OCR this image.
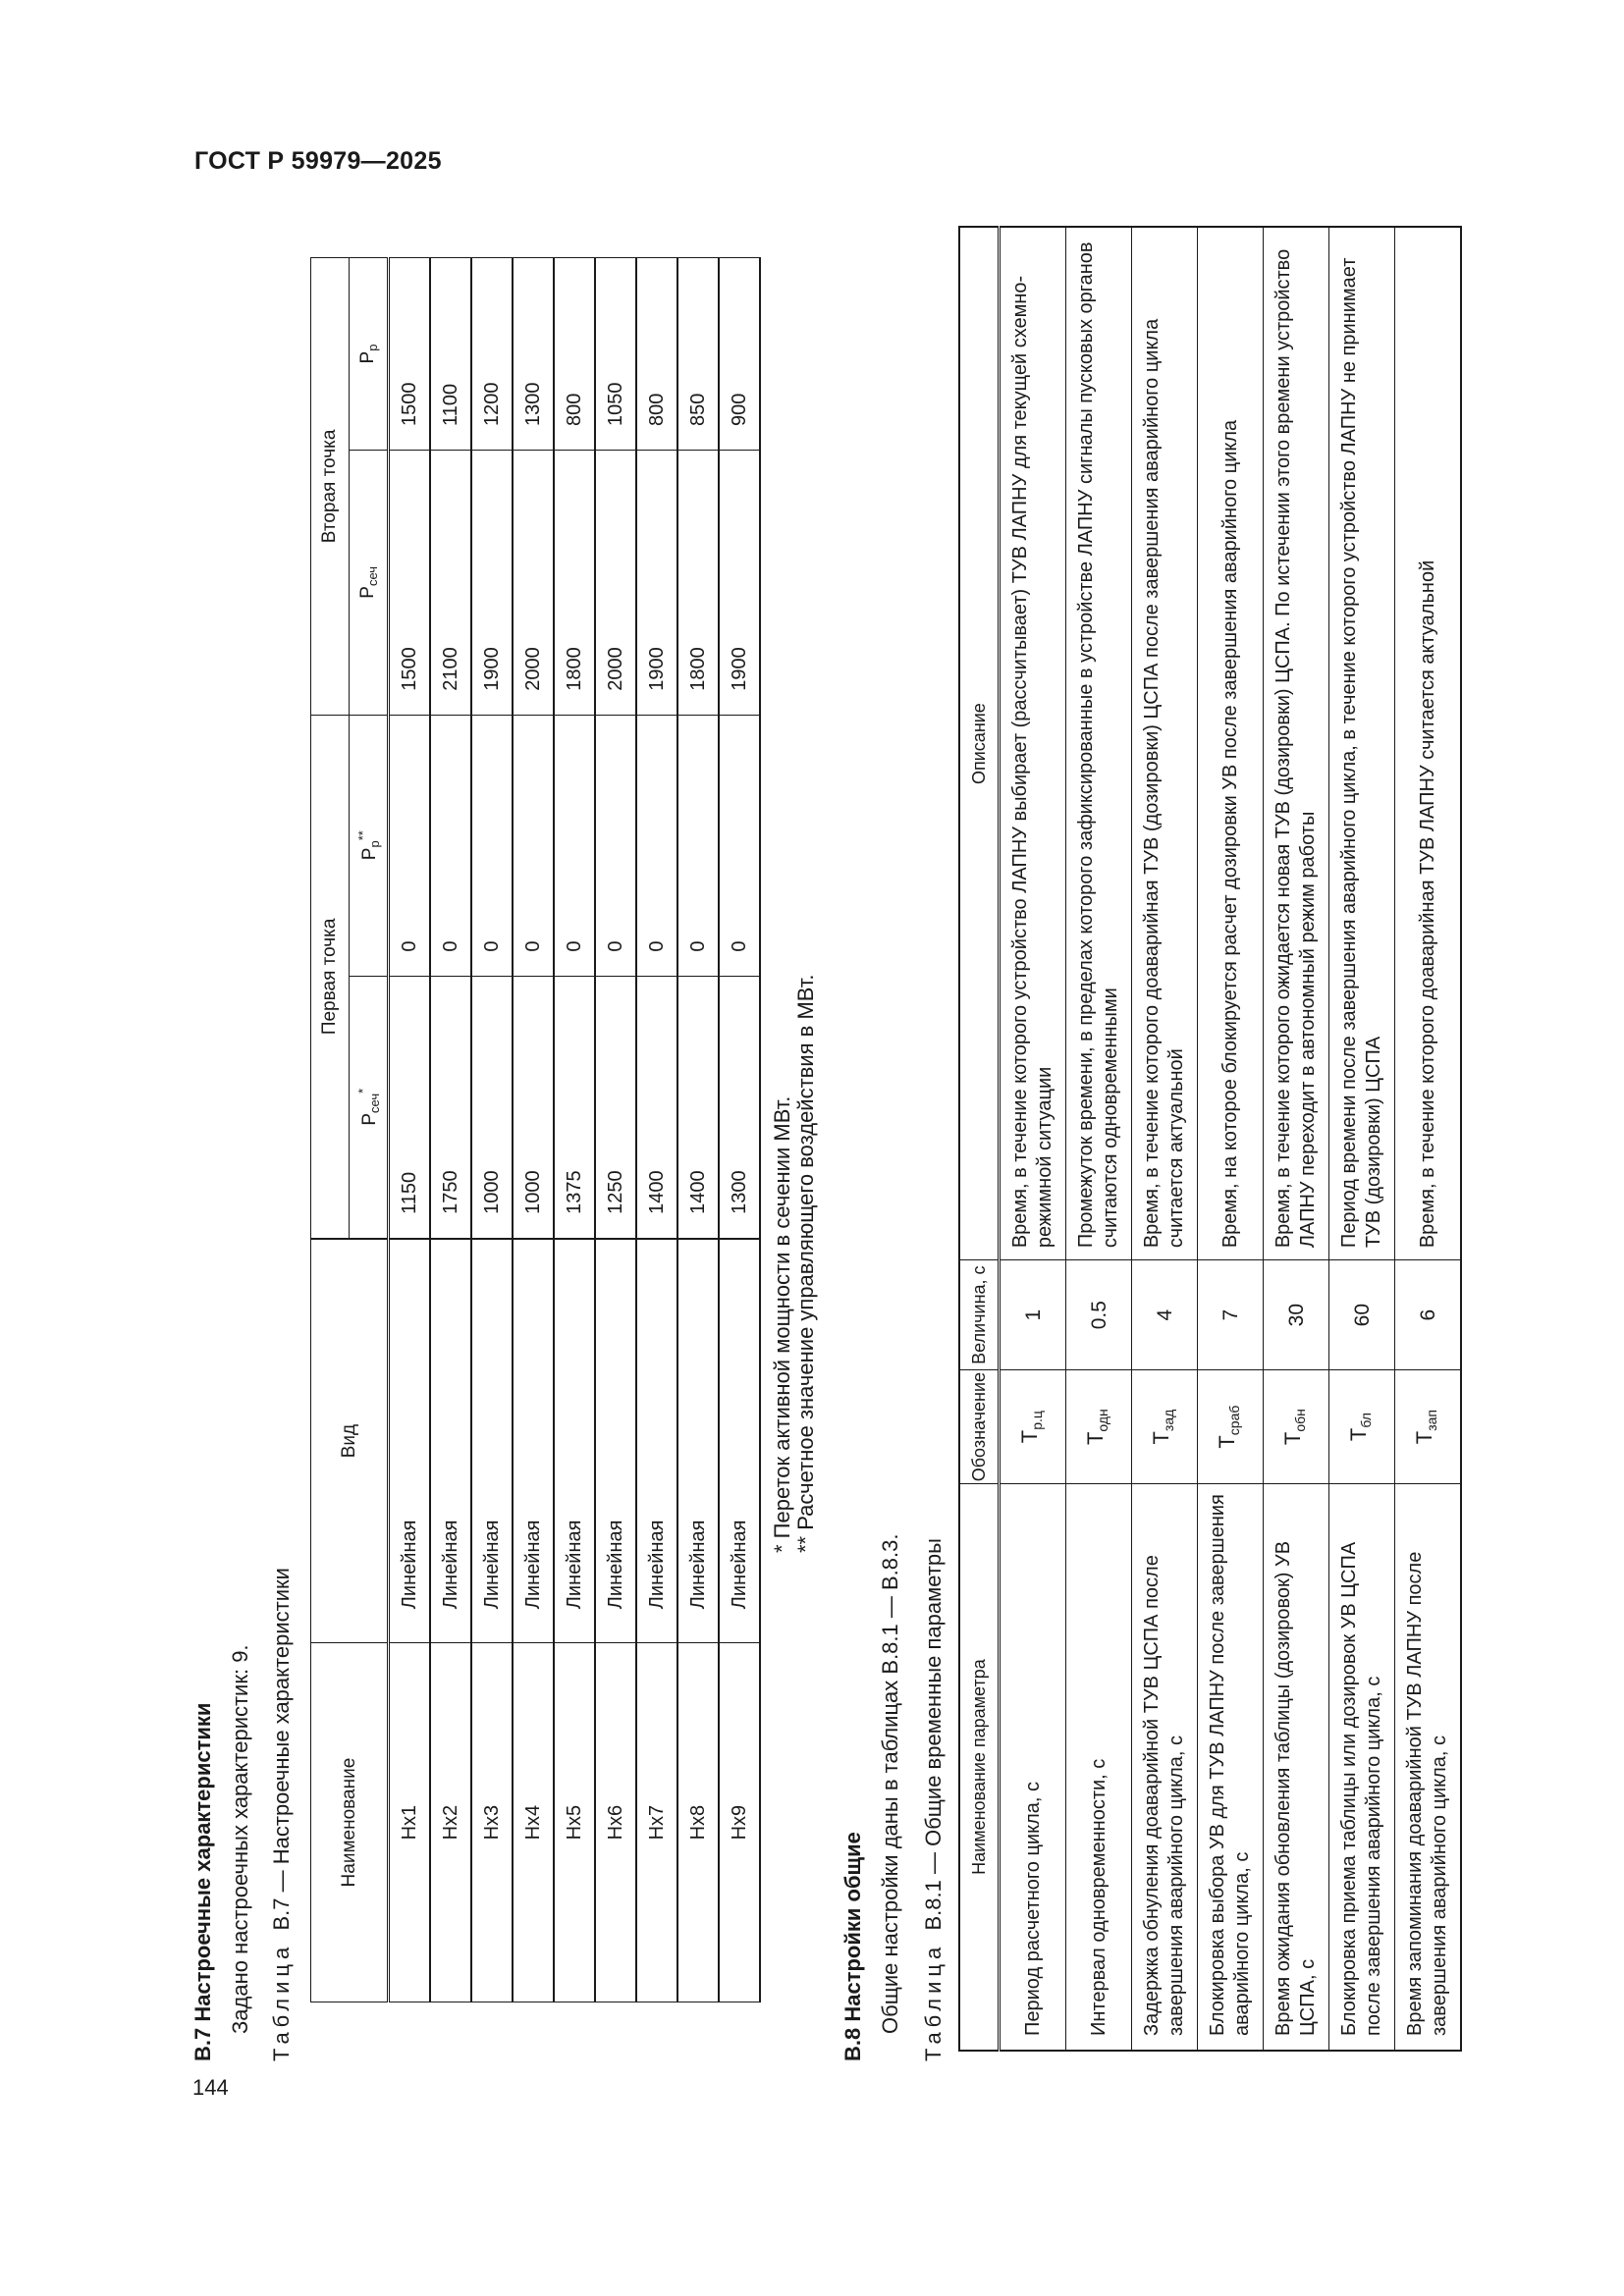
ГОСТ Р 59979—2025

В.7 Настроечные характеристики Задано настроечных характеристик: 9. Таблица  В.7 — Настроечные характеристики Наименование	Вид	Первая точка		Вторая точка	
		$P_{сеч}^*$	$P_р^{**}$	$P_{сеч}$	$P_р$
Нх1	Линейная	1150	0	1500	1500
Нх2	Линейная	1750	0	2100	1100
Нх3	Линейная	1000	0	1900	1200
Нх4	Линейная	1000	0	2000	1300
Нх5	Линейная	1375	0	1800	800
Нх6	Линейная	1250	0	2000	1050
Нх7	Линейная	1400	0	1900	800
Нх8	Линейная	1400	0	1800	850
Нх9	Линейная	1300	0	1900	900

* Переток активной мощности в сечении МВт. ** Расчетное значение управляющего воздействия в МВт.

В.8 Настройки общие Общие настройки даны в таблицах В.8.1 — В.8.3. Таблица  В.8.1 — Общие временные параметры Наименование параметра	Обозначение	Величина, с	Описание
Период расчетного цикла, с	$T_{р.ц}$	1	Время, в течение которого устройство ЛАПНУ выбирает (рассчитывает) ТУВ ЛАПНУ для текущей схемно-режимной ситуации
Интервал одновременности, с	$T_{одн}$	0.5	Промежуток времени, в пределах которого зафиксированные в устройстве ЛАПНУ сигналы пусковых органов считаются одновременными
Задержка обнуления доаварийной ТУВ ЦСПА после завершения аварийного цикла, с	$T_{зад}$	4	Время, в течение которого доаварийная ТУВ (дозировки) ЦСПА после завершения аварийного цикла считается актуальной
Блокировка выбора УВ для ТУВ ЛАПНУ после завершения аварийного цикла, с	$T_{сраб}$	7	Время, на которое блокируется расчет дозировки УВ после завершения аварийного цикла
Время ожидания обновления таблицы (дозировок) УВ ЦСПА, с	$T_{обн}$	30	Время, в течение которого ожидается новая ТУВ (дозировки) ЦСПА. По истечении этого времени устройство ЛАПНУ переходит в автономный режим работы
Блокировка приема таблицы или дозировок УВ ЦСПА после завершения аварийного цикла, с	$T_{бл}$	60	Период времени после завершения аварийного цикла, в течение которого устройство ЛАПНУ не принимает ТУВ (дозировки) ЦСПА
Время запоминания доаварийной ТУВ ЛАПНУ после завершения аварийного цикла, с	$T_{зап}$	6	Время, в течение которого доаварийная ТУВ ЛАПНУ считается актуальной
144
